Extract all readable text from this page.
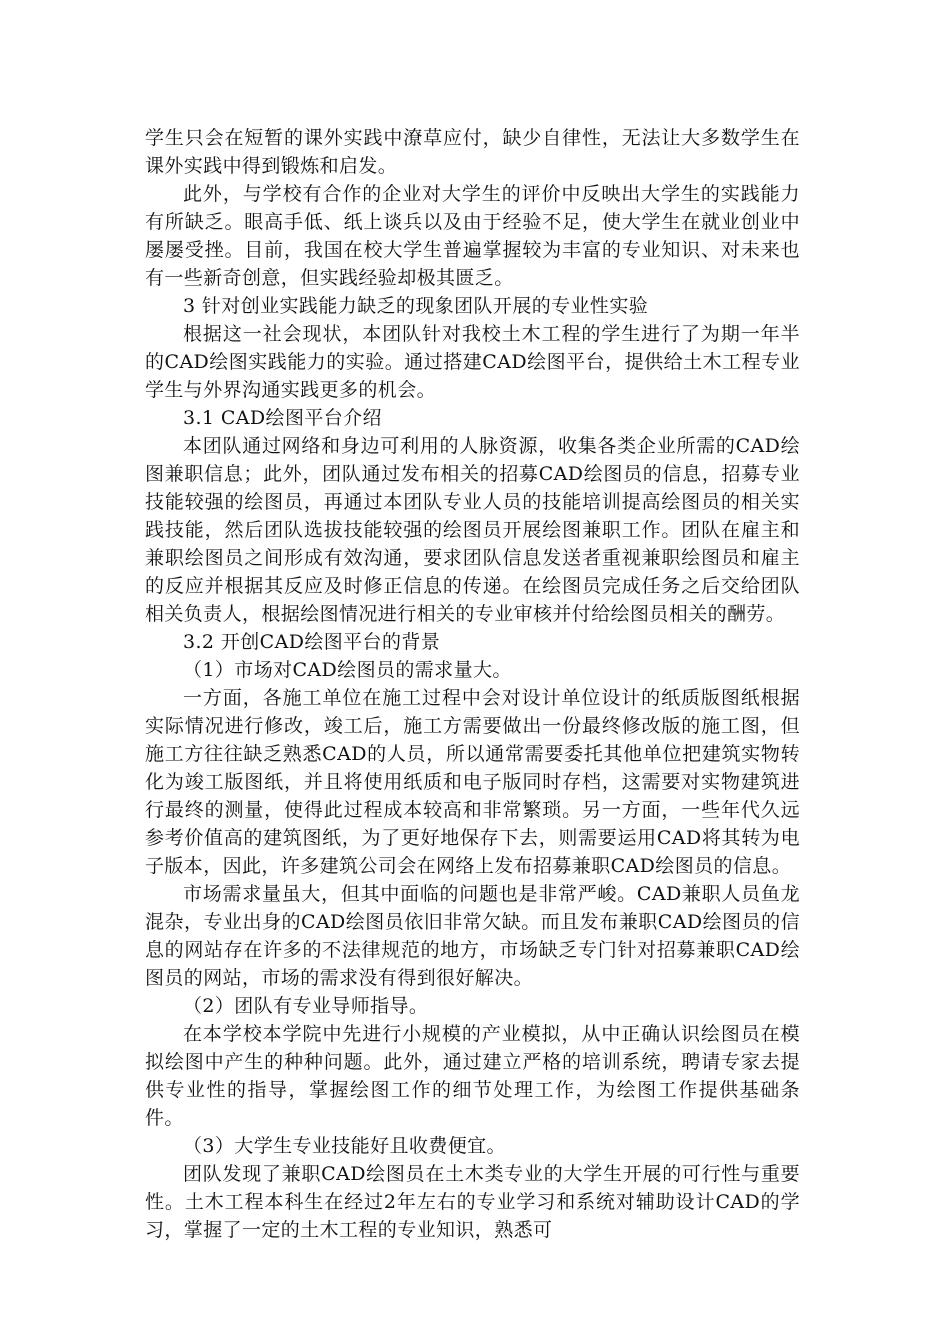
学生只会在短暂的课外实践中潦草应付，缺少自律性，无法让大多数学生在课外实践中得到锻炼和启发。

此外，与学校有合作的企业对大学生的评价中反映出大学生的实践能力有所缺乏。眼高手低、纸上谈兵以及由于经验不足，使大学生在就业创业中屡屡受挫。目前，我国在校大学生普遍掌握较为丰富的专业知识、对未来也有一些新奇创意，但实践经验却极其匮乏。

3 针对创业实践能力缺乏的现象团队开展的专业性实验

根据这一社会现状，本团队针对我校土木工程的学生进行了为期一年半的CAD绘图实践能力的实验。通过搭建CAD绘图平台，提供给土木工程专业学生与外界沟通实践更多的机会。

3.1 CAD绘图平台介绍

本团队通过网络和身边可利用的人脉资源，收集各类企业所需的CAD绘图兼职信息；此外，团队通过发布相关的招募CAD绘图员的信息，招募专业技能较强的绘图员，再通过本团队专业人员的技能培训提高绘图员的相关实践技能，然后团队选拔技能较强的绘图员开展绘图兼职工作。团队在雇主和兼职绘图员之间形成有效沟通，要求团队信息发送者重视兼职绘图员和雇主的反应并根据其反应及时修正信息的传递。在绘图员完成任务之后交给团队相关负责人，根据绘图情况进行相关的专业审核并付给绘图员相关的酬劳。

3.2 开创CAD绘图平台的背景

（1）市场对CAD绘图员的需求量大。

一方面，各施工单位在施工过程中会对设计单位设计的纸质版图纸根据实际情况进行修改，竣工后，施工方需要做出一份最终修改版的施工图，但施工方往往缺乏熟悉CAD的人员，所以通常需要委托其他单位把建筑实物转化为竣工版图纸，并且将使用纸质和电子版同时存档，这需要对实物建筑进行最终的测量，使得此过程成本较高和非常繁琐。另一方面，一些年代久远参考价值高的建筑图纸，为了更好地保存下去，则需要运用CAD将其转为电子版本，因此，许多建筑公司会在网络上发布招募兼职CAD绘图员的信息。

市场需求量虽大，但其中面临的问题也是非常严峻。CAD兼职人员鱼龙混杂，专业出身的CAD绘图员依旧非常欠缺。而且发布兼职CAD绘图员的信息的网站存在许多的不法律规范的地方，市场缺乏专门针对招募兼职CAD绘图员的网站，市场的需求没有得到很好解决。

（2）团队有专业导师指导。

在本学校本学院中先进行小规模的产业模拟，从中正确认识绘图员在模拟绘图中产生的种种问题。此外，通过建立严格的培训系统，聘请专家去提供专业性的指导，掌握绘图工作的细节处理工作，为绘图工作提供基础条件。

（3）大学生专业技能好且收费便宜。

团队发现了兼职CAD绘图员在土木类专业的大学生开展的可行性与重要性。土木工程本科生在经过2年左右的专业学习和系统对辅助设计CAD的学习，掌握了一定的土木工程的专业知识，熟悉可
